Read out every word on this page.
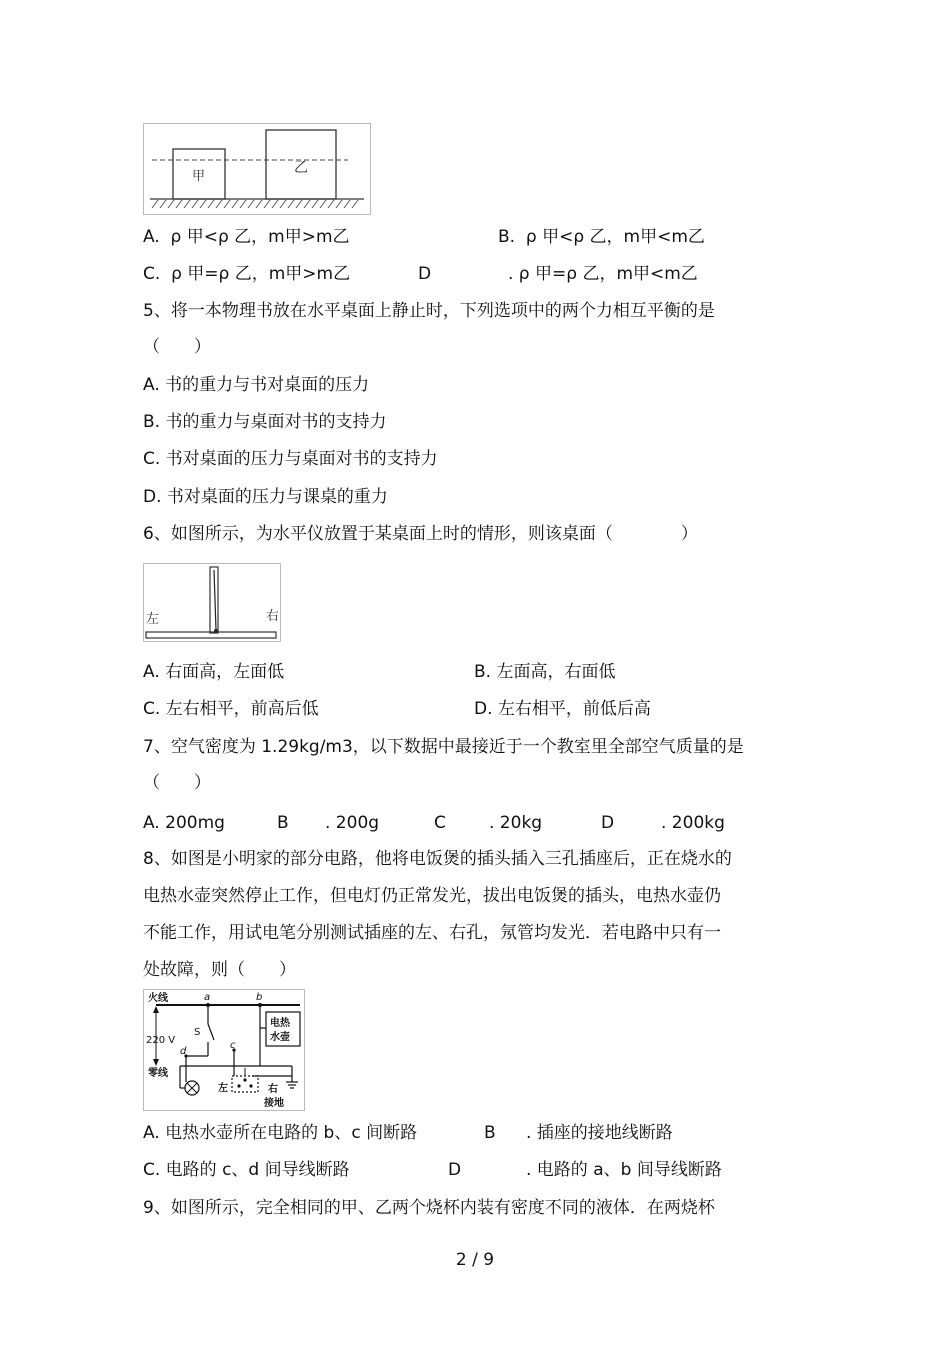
甲
乙
A. ρ 甲<ρ 乙，m甲>m乙	B. ρ 甲<ρ 乙，m甲<m乙
C. ρ 甲=ρ 乙，m甲>m乙	D	. ρ 甲=ρ 乙，m甲<m乙
5、将一本物理书放在水平桌面上静止时，下列选项中的两个力相互平衡的是
（　　）
A. 书的重力与书对桌面的压力
B. 书的重力与桌面对书的支持力
C. 书对桌面的压力与桌面对书的支持力
D. 书对桌面的压力与课桌的重力
6、如图所示，为水平仪放置于某桌面上时的情形，则该桌面（　　　　）
左	右
A. 右面高，左面低	B. 左面高，右面低
C. 左右相平，前高后低	D. 左右相平，前低后高
7、空气密度为 1.29kg/m3，以下数据中最接近于一个教室里全部空气质量的是
（　　）
A. 200mg	B . 200g	C	. 20kg	D	. 200kg
8、如图是小明家的部分电路，他将电饭煲的插头插入三孔插座后，正在烧水的
电热水壶突然停止工作，但电灯仍正常发光，拔出电饭煲的插头，电热水壶仍
不能工作，用试电笔分别测试插座的左、右孔，氖管均发光．若电路中只有一
处故障，则（　　）
火线
220 V
零线
a	b
S
d
c
电热
水壶
左	右
接地
A. 电热水壶所在电路的 b、c 间断路	B . 插座的接地线断路
C. 电路的 c、d 间导线断路	D	. 电路的 a、b 间导线断路
9、如图所示，完全相同的甲、乙两个烧杯内装有密度不同的液体．在两烧杯
2 / 9
